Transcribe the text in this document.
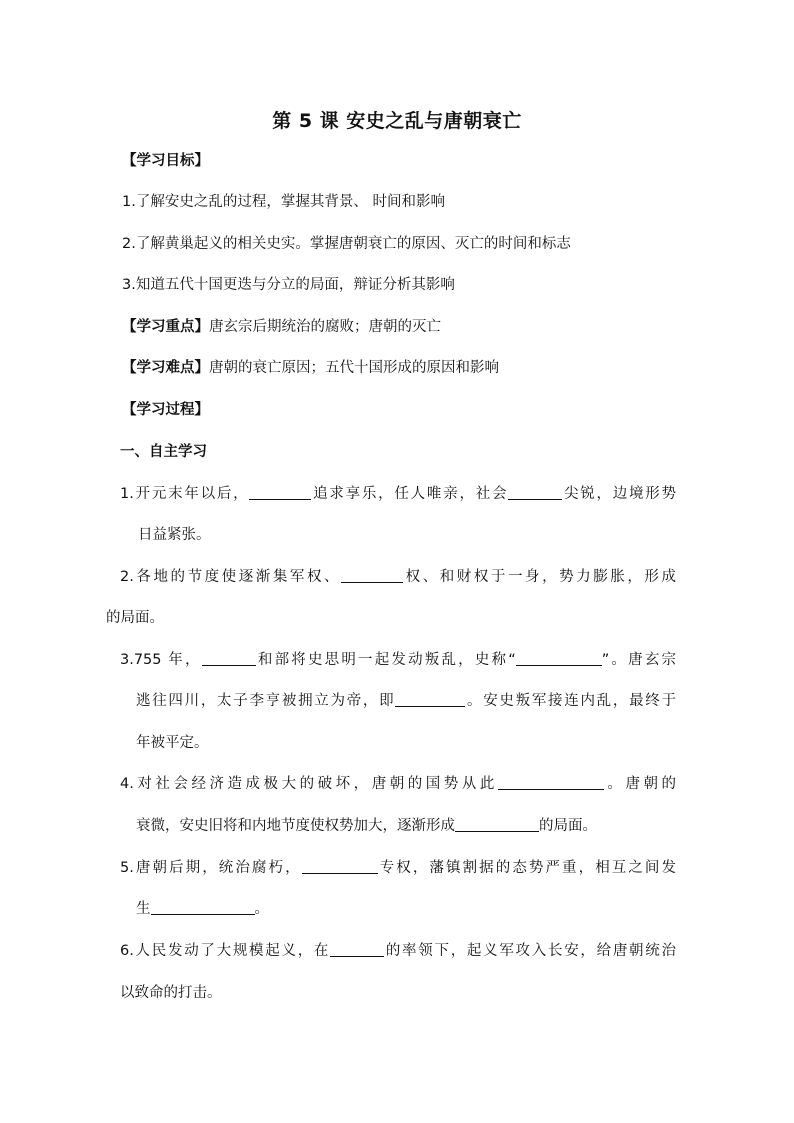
第 5 课 安史之乱与唐朝衰亡
【学习目标】
1.了解安史之乱的过程，掌握其背景、 时间和影响
2.了解黄巢起义的相关史实。掌握唐朝衰亡的原因、灭亡的时间和标志
3.知道五代十国更迭与分立的局面，辩证分析其影响
【学习重点】唐玄宗后期统治的腐败；唐朝的灭亡
【学习难点】唐朝的衰亡原因；五代十国形成的原因和影响
【学习过程】
一、自主学习
1.开元末年以后，	追求享乐，任人唯亲，社会	尖锐，边境形势
日益紧张。
2.各地的节度使逐渐集军权、	权、和财权于一身，势力膨胀，形成
的局面。
3.755 年，	和部将史思明一起发动叛乱，史称“	”。唐玄宗
逃往四川，太子李亨被拥立为帝，即	。安史叛军接连内乱，最终于
年被平定。
4.对社会经济造成极大的破坏，唐朝的国势从此	。唐朝的
衰微，安史旧将和内地节度使权势加大，逐渐形成	的局面。
5.唐朝后期，统治腐朽，	专权，藩镇割据的态势严重，相互之间发
生	。
6.人民发动了大规模起义，在	的率领下，起义军攻入长安，给唐朝统治
以致命的打击。
